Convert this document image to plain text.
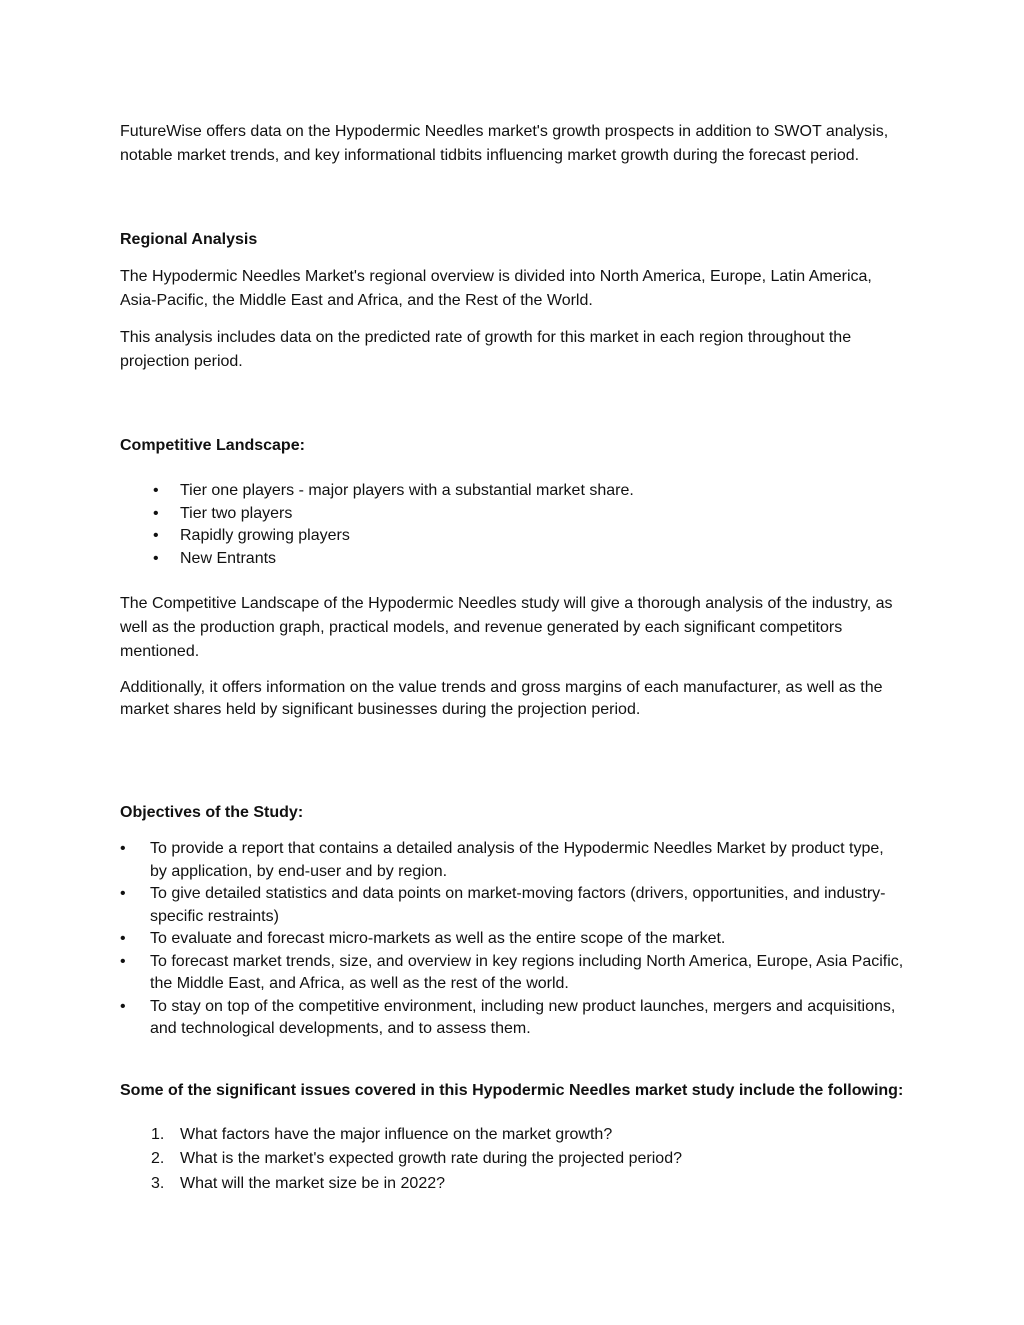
FutureWise offers data on the Hypodermic Needles market's growth prospects in addition to SWOT analysis, notable market trends, and key informational tidbits influencing market growth during the forecast period.

Regional Analysis

The Hypodermic Needles Market's regional overview is divided into North America, Europe, Latin America, Asia-Pacific, the Middle East and Africa, and the Rest of the World.

This analysis includes data on the predicted rate of growth for this market in each region throughout the projection period.

Competitive Landscape:

• Tier one players - major players with a substantial market share.
• Tier two players
• Rapidly growing players
• New Entrants

The Competitive Landscape of the Hypodermic Needles study will give a thorough analysis of the industry, as well as the production graph, practical models, and revenue generated by each significant competitors mentioned.

Additionally, it offers information on the value trends and gross margins of each manufacturer, as well as the market shares held by significant businesses during the projection period.

Objectives of the Study:

• To provide a report that contains a detailed analysis of the Hypodermic Needles Market by product type, by application, by end-user and by region.
• To give detailed statistics and data points on market-moving factors (drivers, opportunities, and industry-specific restraints)
• To evaluate and forecast micro-markets as well as the entire scope of the market.
• To forecast market trends, size, and overview in key regions including North America, Europe, Asia Pacific, the Middle East, and Africa, as well as the rest of the world.
• To stay on top of the competitive environment, including new product launches, mergers and acquisitions, and technological developments, and to assess them.

Some of the significant issues covered in this Hypodermic Needles market study include the following:

1. What factors have the major influence on the market growth?
2. What is the market's expected growth rate during the projected period?
3. What will the market size be in 2022?
